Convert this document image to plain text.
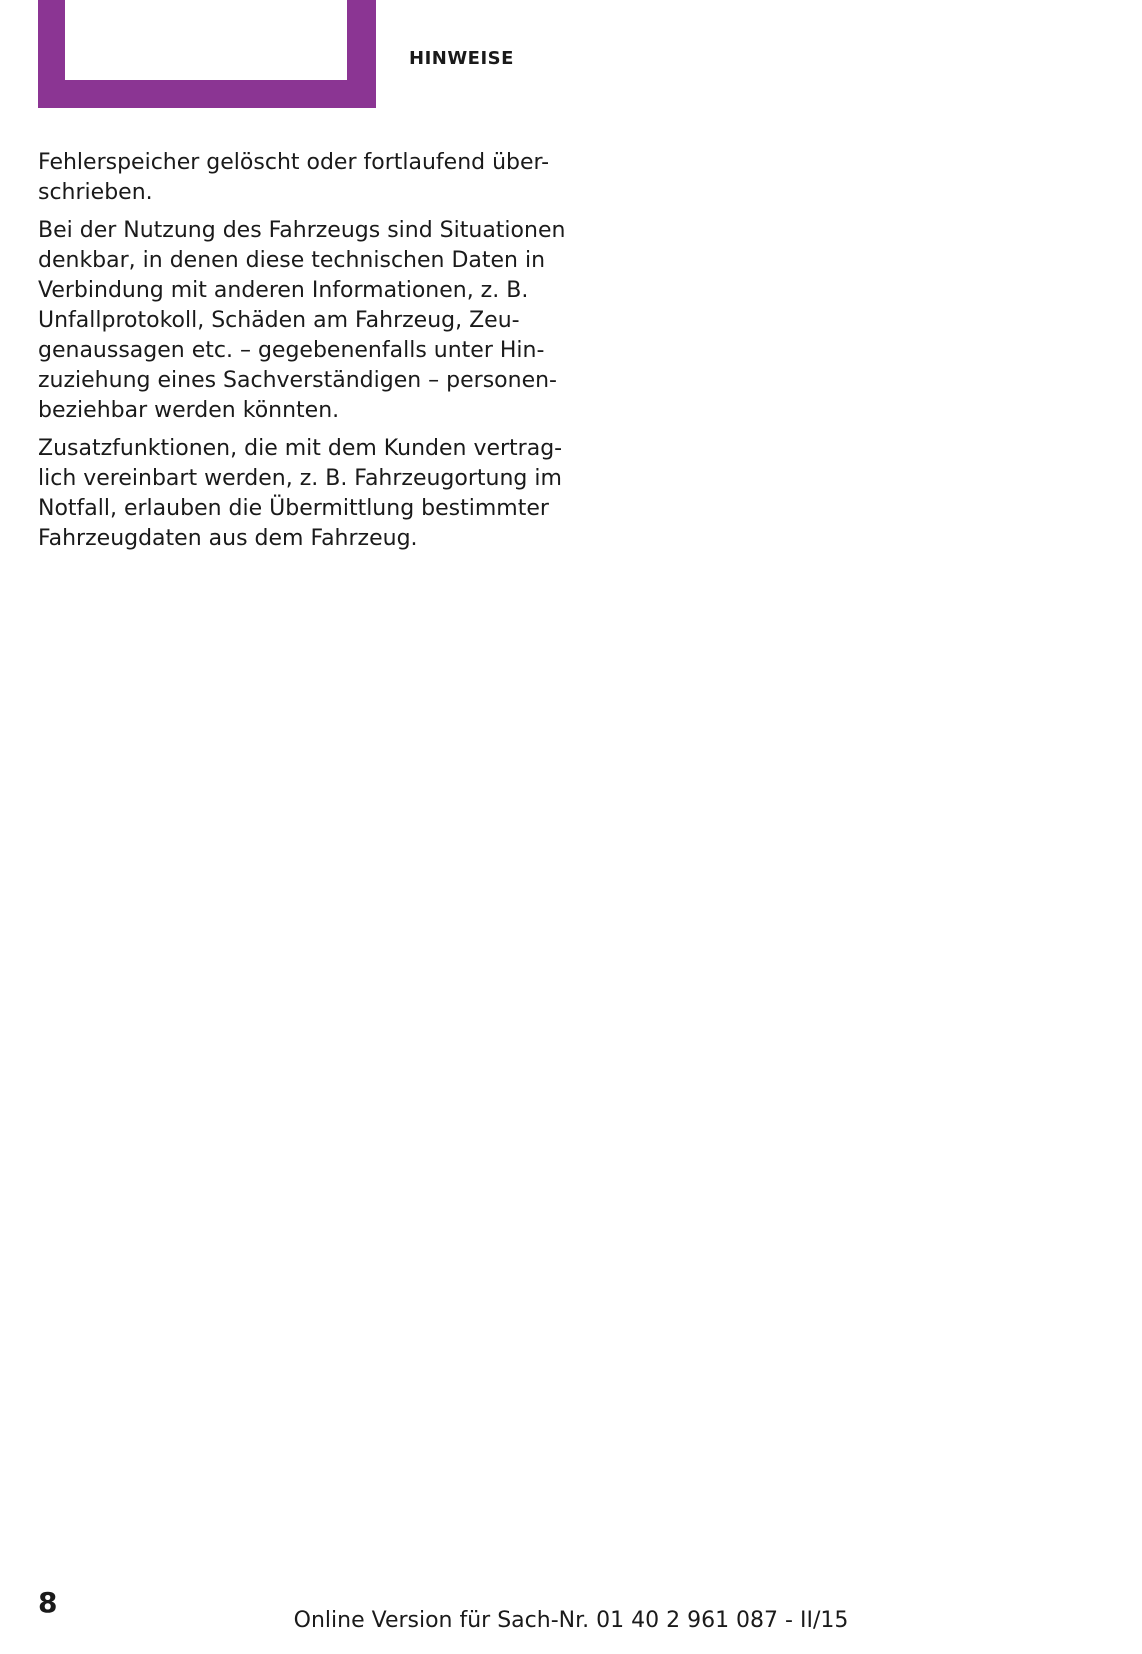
HINWEISE

Fehlerspeicher gelöscht oder fortlaufend über-
schrieben.

Bei der Nutzung des Fahrzeugs sind Situationen
denkbar, in denen diese technischen Daten in
Verbindung mit anderen Informationen, z. B.
Unfallprotokoll, Schäden am Fahrzeug, Zeu-
genaussagen etc. – gegebenenfalls unter Hin-
zuziehung eines Sachverständigen – personen-
beziehbar werden könnten.

Zusatzfunktionen, die mit dem Kunden vertrag-
lich vereinbart werden, z. B. Fahrzeugortung im
Notfall, erlauben die Übermittlung bestimmter
Fahrzeugdaten aus dem Fahrzeug.

8
Online Version für Sach-Nr. 01 40 2 961 087 - II/15
